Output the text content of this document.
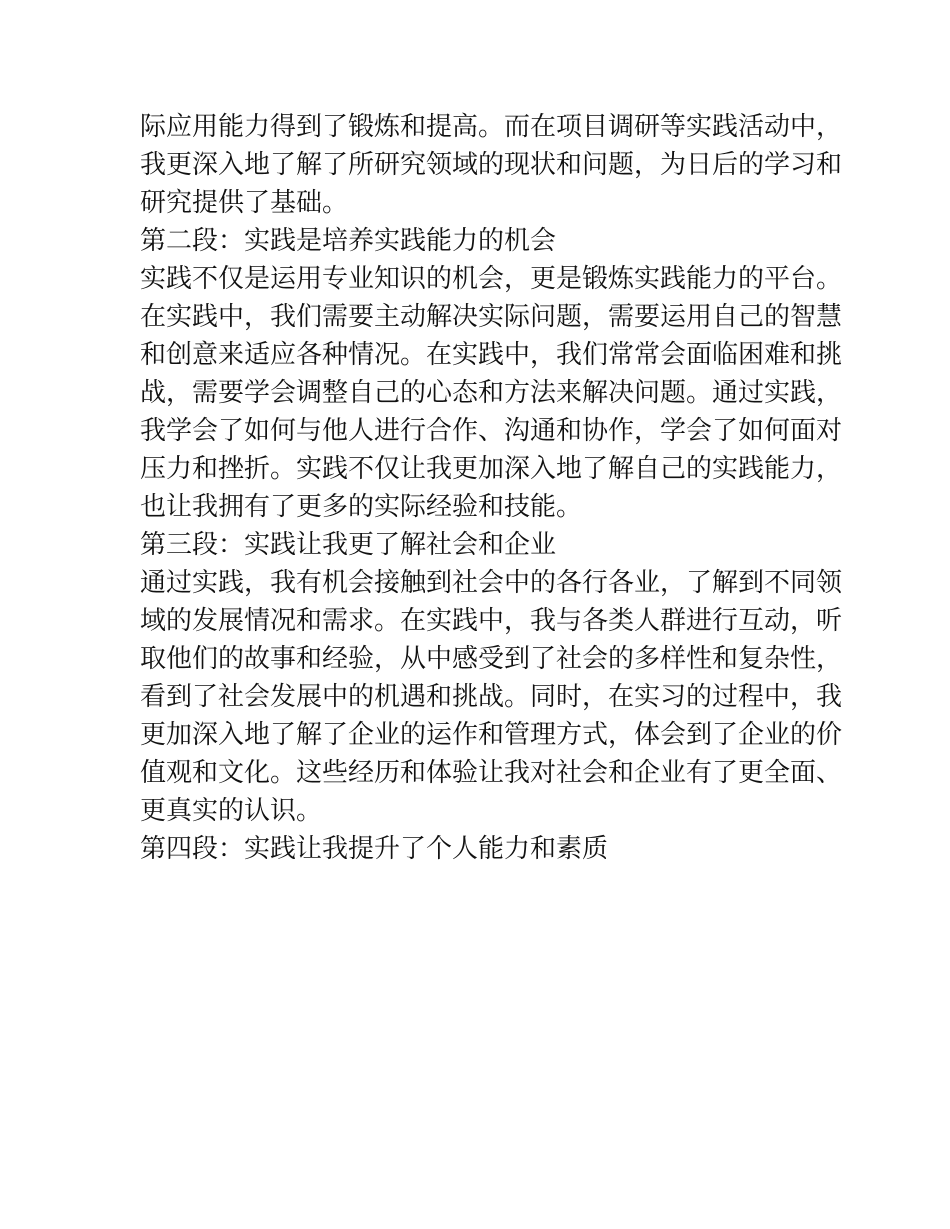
际应用能力得到了锻炼和提高。而在项目调研等实践活动中，
我更深入地了解了所研究领域的现状和问题，为日后的学习和
研究提供了基础。
第二段：实践是培养实践能力的机会
实践不仅是运用专业知识的机会，更是锻炼实践能力的平台。
在实践中，我们需要主动解决实际问题，需要运用自己的智慧
和创意来适应各种情况。在实践中，我们常常会面临困难和挑
战，需要学会调整自己的心态和方法来解决问题。通过实践，
我学会了如何与他人进行合作、沟通和协作，学会了如何面对
压力和挫折。实践不仅让我更加深入地了解自己的实践能力，
也让我拥有了更多的实际经验和技能。
第三段：实践让我更了解社会和企业
通过实践，我有机会接触到社会中的各行各业，了解到不同领
域的发展情况和需求。在实践中，我与各类人群进行互动，听
取他们的故事和经验，从中感受到了社会的多样性和复杂性，
看到了社会发展中的机遇和挑战。同时，在实习的过程中，我
更加深入地了解了企业的运作和管理方式，体会到了企业的价
值观和文化。这些经历和体验让我对社会和企业有了更全面、
更真实的认识。
第四段：实践让我提升了个人能力和素质
